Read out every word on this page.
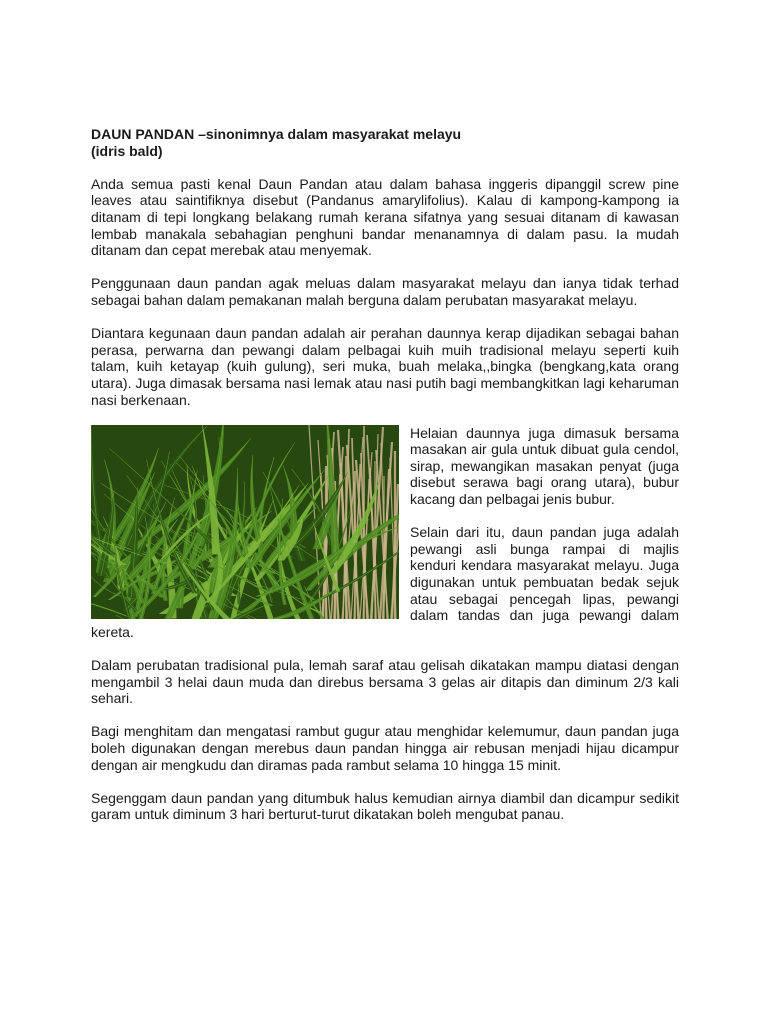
DAUN PANDAN –sinonimnya dalam masyarakat melayu
(idris bald)

Anda semua pasti kenal Daun Pandan atau dalam bahasa inggeris dipanggil screw pine leaves atau saintifiknya disebut (Pandanus amarylifolius). Kalau di kampong-kampong ia ditanam di tepi longkang belakang rumah kerana sifatnya yang sesuai ditanam di kawasan lembab manakala sebahagian penghuni bandar menanamnya di dalam pasu. Ia mudah ditanam dan cepat merebak atau menyemak.

Penggunaan daun pandan agak meluas dalam masyarakat melayu dan ianya tidak terhad sebagai bahan dalam pemakanan malah berguna dalam perubatan masyarakat melayu.

Diantara kegunaan daun pandan adalah air perahan daunnya kerap dijadikan sebagai bahan perasa, perwarna dan pewangi dalam pelbagai kuih muih tradisional melayu seperti kuih talam, kuih ketayap (kuih gulung), seri muka, buah melaka,,bingka (bengkang,kata orang utara). Juga dimasak bersama nasi lemak atau nasi putih bagi membangkitkan lagi keharuman nasi berkenaan.

Helaian daunnya juga dimasuk bersama masakan air gula untuk dibuat gula cendol, sirap, mewangikan masakan penyat (juga disebut serawa bagi orang utara), bubur kacang dan pelbagai jenis bubur.

Selain dari itu, daun pandan juga adalah pewangi asli bunga rampai di majlis kenduri kendara masyarakat melayu. Juga digunakan untuk pembuatan bedak sejuk atau sebagai pencegah lipas, pewangi dalam tandas dan juga pewangi dalam kereta.

Dalam perubatan tradisional pula, lemah saraf atau gelisah dikatakan mampu diatasi dengan mengambil 3 helai daun muda dan direbus bersama 3 gelas air ditapis dan diminum 2/3 kali sehari.

Bagi menghitam dan mengatasi rambut gugur atau menghidar kelemumur, daun pandan juga boleh digunakan dengan merebus daun pandan hingga air rebusan menjadi hijau dicampur dengan air mengkudu dan diramas pada rambut selama 10 hingga 15 minit.

Segenggam daun pandan yang ditumbuk halus kemudian airnya diambil dan dicampur sedikit garam untuk diminum 3 hari berturut-turut dikatakan boleh mengubat panau.
